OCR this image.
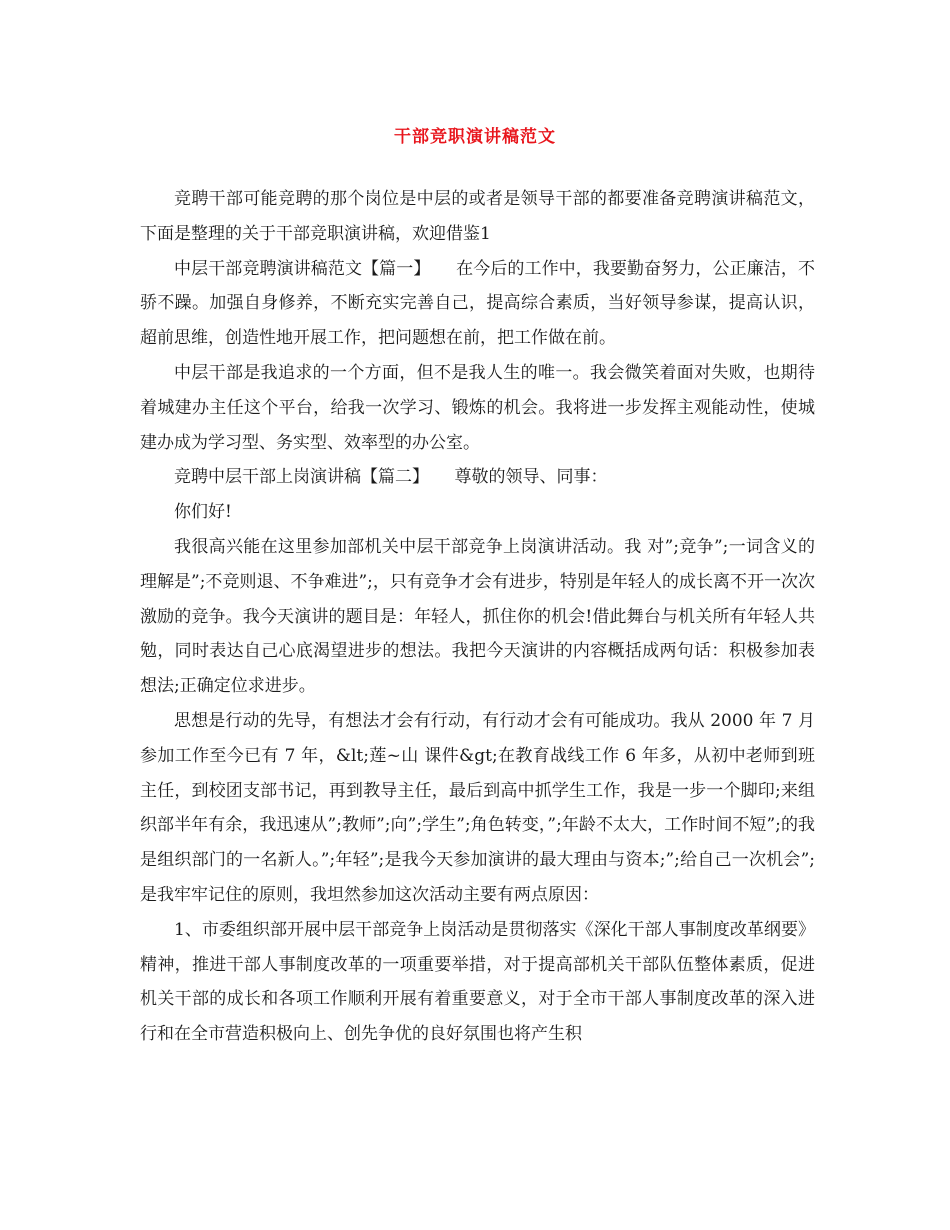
干部竞职演讲稿范文

竞聘干部可能竞聘的那个岗位是中层的或者是领导干部的都要准备竞聘演讲稿范文，下面是整理的关于干部竞职演讲稿，欢迎借鉴1

中层干部竞聘演讲稿范文【篇一】　　在今后的工作中，我要勤奋努力，公正廉洁，不骄不躁。加强自身修养，不断充实完善自己，提高综合素质，当好领导参谋，提高认识，超前思维，创造性地开展工作，把问题想在前，把工作做在前。

中层干部是我追求的一个方面，但不是我人生的唯一。我会微笑着面对失败，也期待着城建办主任这个平台，给我一次学习、锻炼的机会。我将进一步发挥主观能动性，使城建办成为学习型、务实型、效率型的办公室。

竞聘中层干部上岗演讲稿【篇二】　　尊敬的领导、同事：

你们好!

我很高兴能在这里参加部机关中层干部竞争上岗演讲活动。我 对”;竞争”;一词含义的理解是”;不竞则退、不争难进”;，只有竞争才会有进步，特别是年轻人的成长离不开一次次激励的竞争。我今天演讲的题目是：年轻人，抓住你的机会!借此舞台与机关所有年轻人共勉，同时表达自己心底渴望进步的想法。我把今天演讲的内容概括成两句话：积极参加表想法;正确定位求进步。

思想是行动的先导，有想法才会有行动，有行动才会有可能成功。我从 2000 年 7 月参加工作至今已有 7 年，&lt;莲~山 课件&gt;在教育战线工作 6 年多，从初中老师到班主任，到校团支部书记，再到教导主任，最后到高中抓学生工作，我是一步一个脚印;来组织部半年有余，我迅速从”;教师”;向”;学生”;角色转变，”;年龄不太大，工作时间不短”;的我是组织部门的一名新人。”;年轻”;是我今天参加演讲的最大理由与资本;”;给自己一次机会”;是我牢牢记住的原则，我坦然参加这次活动主要有两点原因：

1、市委组织部开展中层干部竞争上岗活动是贯彻落实《深化干部人事制度改革纲要》精神，推进干部人事制度改革的一项重要举措，对于提高部机关干部队伍整体素质，促进机关干部的成长和各项工作顺利开展有着重要意义，对于全市干部人事制度改革的深入进行和在全市营造积极向上、创先争优的良好氛围也将产生积
